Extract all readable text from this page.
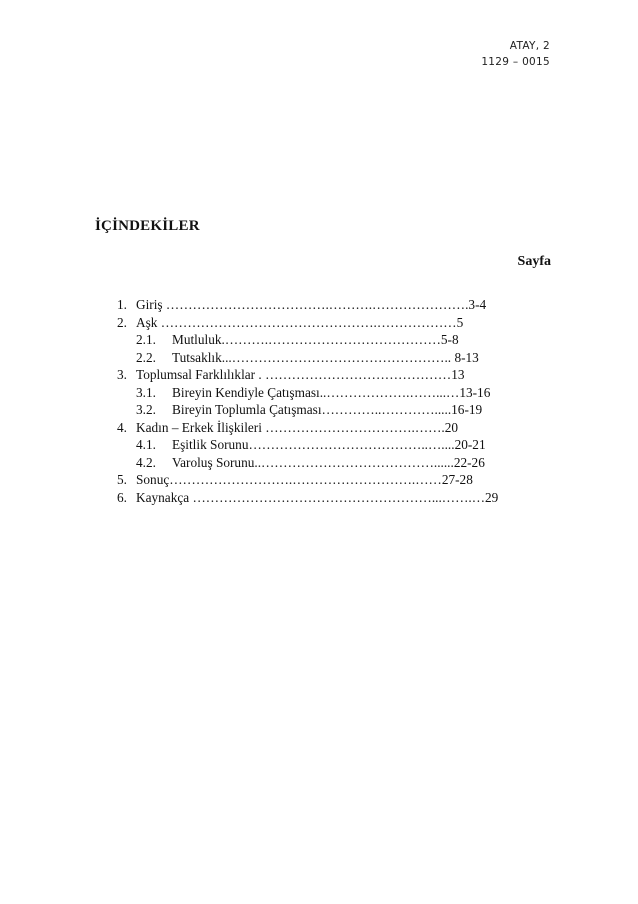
ATAY, 2
1129 – 0015
İÇİNDEKİLER
Sayfa
1. Giriş ……………………………….……….………………….3-4
2. Aşk ………………………………………….………………5
2.1. Mutluluk.……….…………………………………5-8
2.2. Tutsaklık...………………………………………….. 8-13
3. Toplumsal Farklılıklar . ……………………………………13
3.1. Bireyin Kendiyle Çatışması..……………….……...…13-16
3.2. Bireyin Toplumla Çatışması…………..………….....16-19
4. Kadın – Erkek İlişkileri …………………………….…….20
4.1. Eşitlik Sorunu…………………………………..…....20-21
4.2. Varoluş Sorunu..…………………………………......22-26
5. Sonuç……………………….……………………….……27-28
6. Kaynakça ………………………………………………...…….…29
